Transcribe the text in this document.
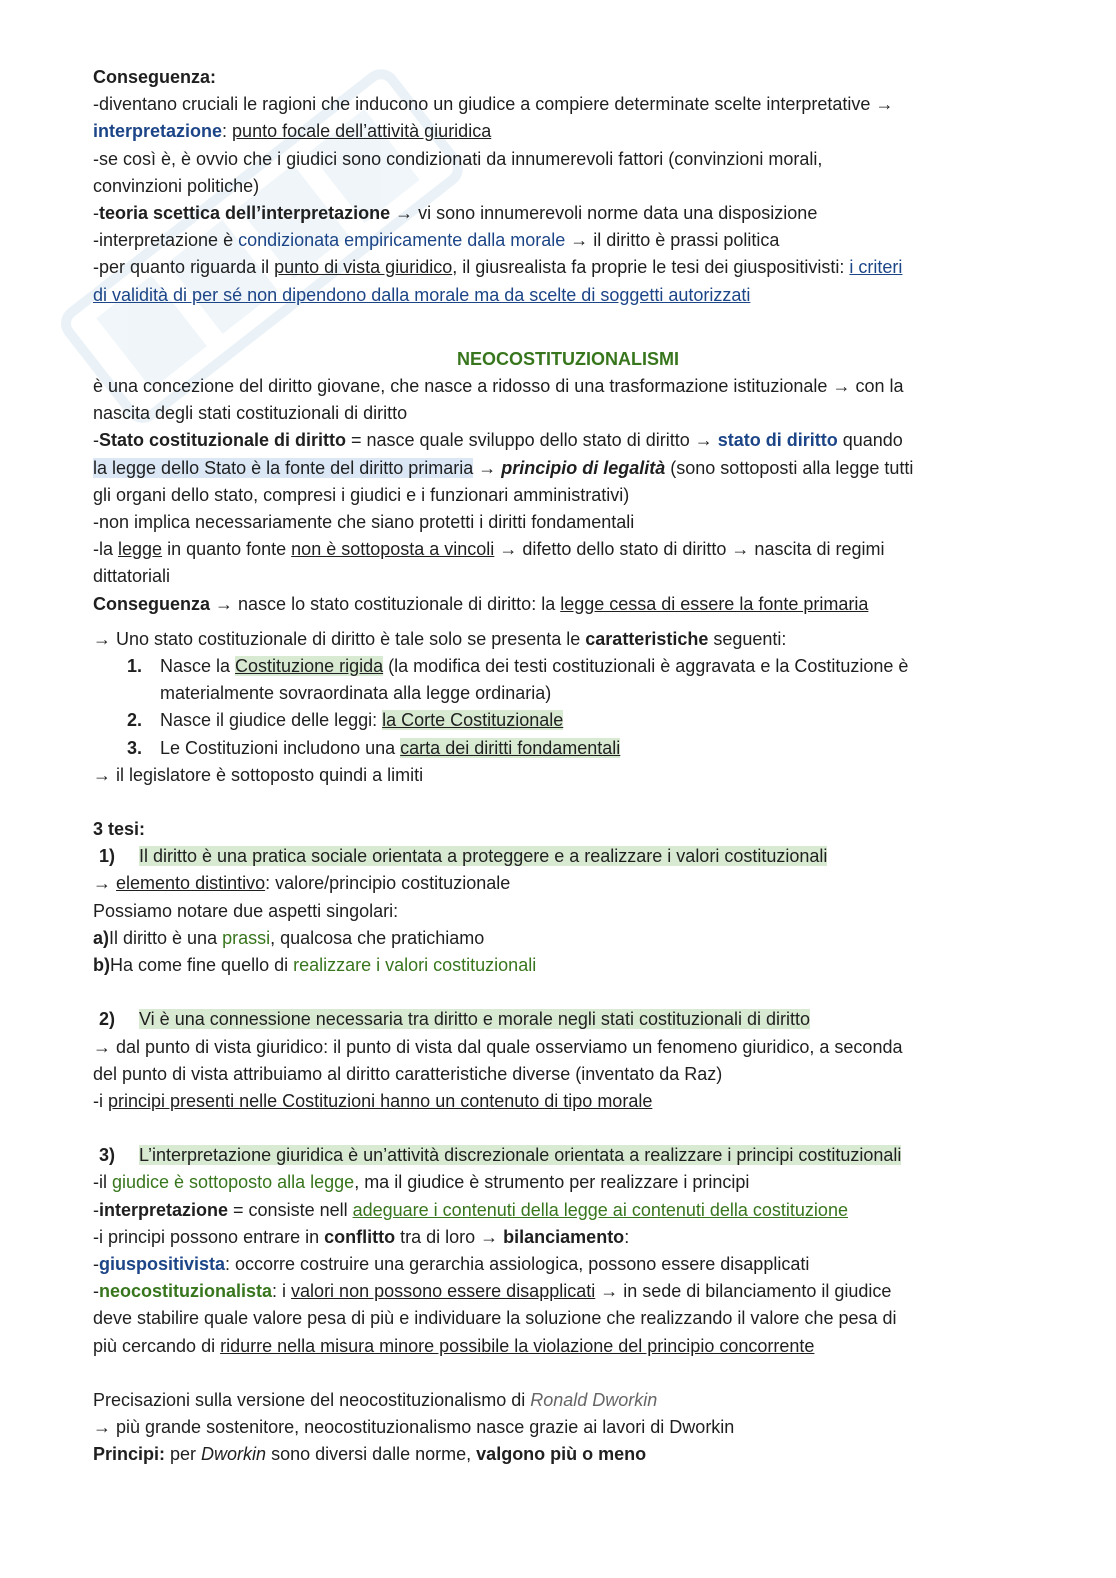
Conseguenza:
-diventano cruciali le ragioni che inducono un giudice a compiere determinate scelte interpretative →
interpretazione: punto focale dell’attività giuridica
-se così è, è ovvio che i giudici sono condizionati da innumerevoli fattori (convinzioni morali,
convinzioni politiche)
-teoria scettica dell’interpretazione → vi sono innumerevoli norme data una disposizione
-interpretazione è condizionata empiricamente dalla morale → il diritto è prassi politica
-per quanto riguarda il punto di vista giuridico, il giusrealista fa proprie le tesi dei giuspositivisti: i criteri
di validità di per sé non dipendono dalla morale ma da scelte di soggetti autorizzati
NEOCOSTITUZIONALISMI
è una concezione del diritto giovane, che nasce a ridosso di una trasformazione istituzionale → con la
nascita degli stati costituzionali di diritto
-Stato costituzionale di diritto = nasce quale sviluppo dello stato di diritto → stato di diritto quando
la legge dello Stato è la fonte del diritto primaria → principio di legalità (sono sottoposti alla legge tutti
gli organi dello stato, compresi i giudici e i funzionari amministrativi)
-non implica necessariamente che siano protetti i diritti fondamentali
-la legge in quanto fonte non è sottoposta a vincoli → difetto dello stato di diritto → nascita di regimi
dittatoriali
Conseguenza → nasce lo stato costituzionale di diritto: la legge cessa di essere la fonte primaria
→ Uno stato costituzionale di diritto è tale solo se presenta le caratteristiche seguenti:
1. Nasce la Costituzione rigida (la modifica dei testi costituzionali è aggravata e la Costituzione è
materialmente sovraordinata alla legge ordinaria)
2. Nasce il giudice delle leggi: la Corte Costituzionale
3. Le Costituzioni includono una carta dei diritti fondamentali
→ il legislatore è sottoposto quindi a limiti
3 tesi:
1) Il diritto è una pratica sociale orientata a proteggere e a realizzare i valori costituzionali
→ elemento distintivo: valore/principio costituzionale
Possiamo notare due aspetti singolari:
a)Il diritto è una prassi, qualcosa che pratichiamo
b)Ha come fine quello di realizzare i valori costituzionali
2) Vi è una connessione necessaria tra diritto e morale negli stati costituzionali di diritto
→ dal punto di vista giuridico: il punto di vista dal quale osserviamo un fenomeno giuridico, a seconda
del punto di vista attribuiamo al diritto caratteristiche diverse (inventato da Raz)
-i principi presenti nelle Costituzioni hanno un contenuto di tipo morale
3) L’interpretazione giuridica è un’attività discrezionale orientata a realizzare i principi costituzionali
-il giudice è sottoposto alla legge, ma il giudice è strumento per realizzare i principi
-interpretazione = consiste nell adeguare i contenuti della legge ai contenuti della costituzione
-i principi possono entrare in conflitto tra di loro → bilanciamento:
-giuspositivista: occorre costruire una gerarchia assiologica, possono essere disapplicati
-neocostituzionalista: i valori non possono essere disapplicati → in sede di bilanciamento il giudice
deve stabilire quale valore pesa di più e individuare la soluzione che realizzando il valore che pesa di
più cercando di ridurre nella misura minore possibile la violazione del principio concorrente
Precisazioni sulla versione del neocostituzionalismo di Ronald Dworkin
→ più grande sostenitore, neocostituzionalismo nasce grazie ai lavori di Dworkin
Principi: per Dworkin sono diversi dalle norme, valgono più o meno
